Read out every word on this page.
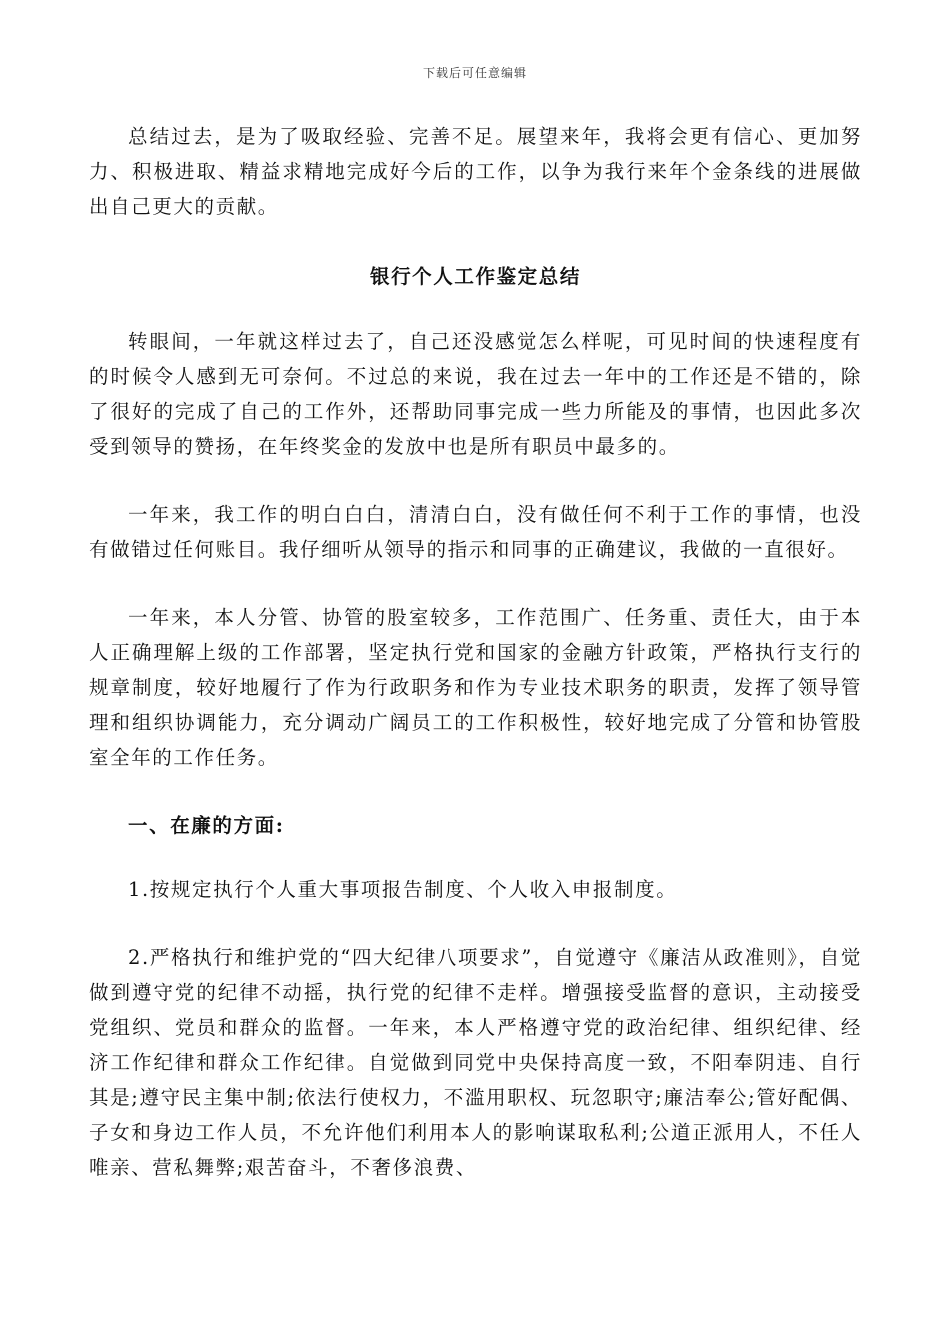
下载后可任意编辑

总结过去，是为了吸取经验、完善不足。展望来年，我将会更有信心、更加努力、积极进取、精益求精地完成好今后的工作，以争为我行来年个金条线的进展做出自己更大的贡献。

银行个人工作鉴定总结

转眼间，一年就这样过去了，自己还没感觉怎么样呢，可见时间的快速程度有的时候令人感到无可奈何。不过总的来说，我在过去一年中的工作还是不错的，除了很好的完成了自己的工作外，还帮助同事完成一些力所能及的事情，也因此多次受到领导的赞扬，在年终奖金的发放中也是所有职员中最多的。

一年来，我工作的明白白白，清清白白，没有做任何不利于工作的事情，也没有做错过任何账目。我仔细听从领导的指示和同事的正确建议，我做的一直很好。

一年来，本人分管、协管的股室较多，工作范围广、任务重、责任大，由于本人正确理解上级的工作部署，坚定执行党和国家的金融方针政策，严格执行支行的规章制度，较好地履行了作为行政职务和作为专业技术职务的职责，发挥了领导管理和组织协调能力，充分调动广阔员工的工作积极性，较好地完成了分管和协管股室全年的工作任务。

一、在廉的方面:

1.按规定执行个人重大事项报告制度、个人收入申报制度。

2.严格执行和维护党的“四大纪律八项要求”，自觉遵守《廉洁从政准则》，自觉做到遵守党的纪律不动摇，执行党的纪律不走样。增强接受监督的意识，主动接受党组织、党员和群众的监督。一年来，本人严格遵守党的政治纪律、组织纪律、经济工作纪律和群众工作纪律。自觉做到同党中央保持高度一致，不阳奉阴违、自行其是;遵守民主集中制;依法行使权力，不滥用职权、玩忽职守;廉洁奉公;管好配偶、子女和身边工作人员，不允许他们利用本人的影响谋取私利;公道正派用人，不任人唯亲、营私舞弊;艰苦奋斗，不奢侈浪费、
